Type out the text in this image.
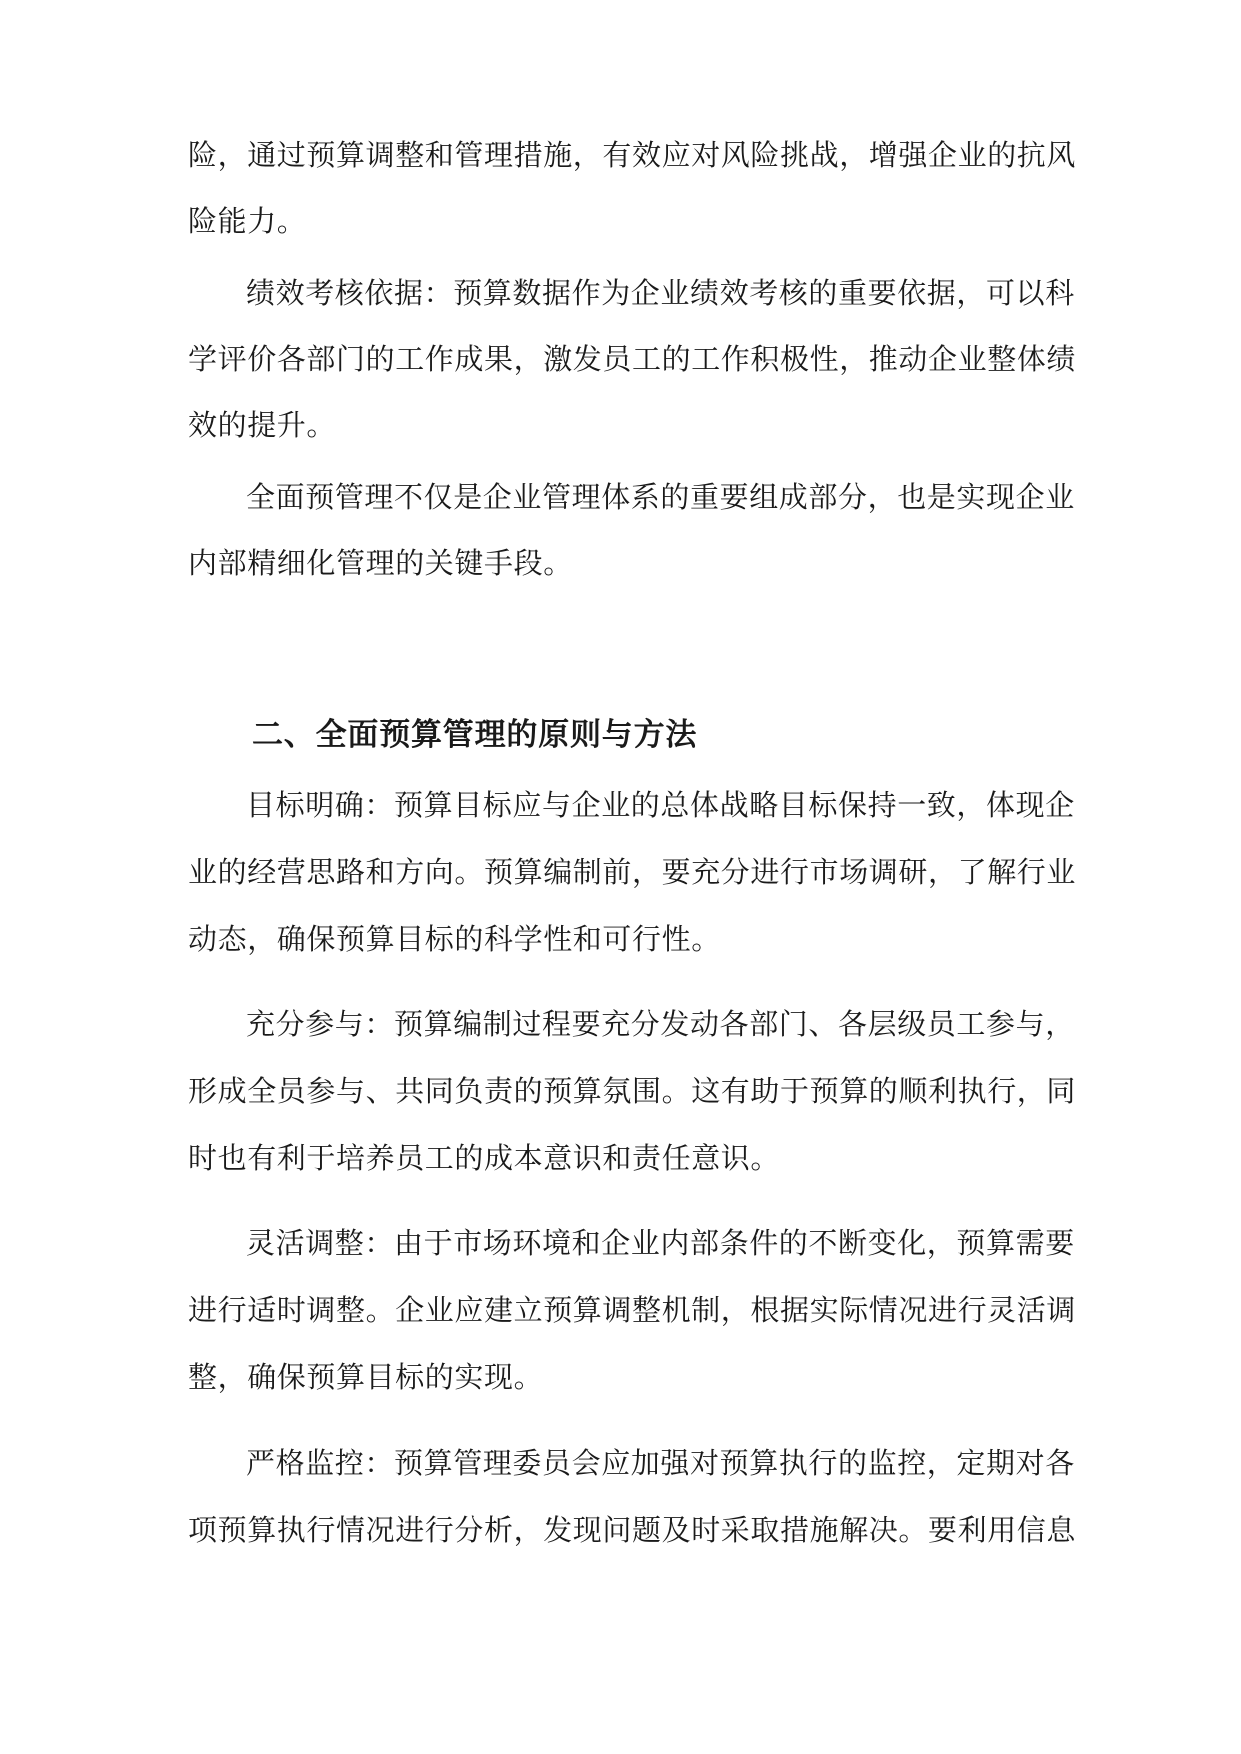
险，通过预算调整和管理措施，有效应对风险挑战，增强企业的抗风
险能力。
绩效考核依据：预算数据作为企业绩效考核的重要依据，可以科
学评价各部门的工作成果，激发员工的工作积极性，推动企业整体绩
效的提升。
全面预管理不仅是企业管理体系的重要组成部分，也是实现企业
内部精细化管理的关键手段。
二、全面预算管理的原则与方法
目标明确：预算目标应与企业的总体战略目标保持一致，体现企
业的经营思路和方向。预算编制前，要充分进行市场调研，了解行业
动态，确保预算目标的科学性和可行性。
充分参与：预算编制过程要充分发动各部门、各层级员工参与，
形成全员参与、共同负责的预算氛围。这有助于预算的顺利执行，同
时也有利于培养员工的成本意识和责任意识。
灵活调整：由于市场环境和企业内部条件的不断变化，预算需要
进行适时调整。企业应建立预算调整机制，根据实际情况进行灵活调
整，确保预算目标的实现。
严格监控：预算管理委员会应加强对预算执行的监控，定期对各
项预算执行情况进行分析，发现问题及时采取措施解决。要利用信息
